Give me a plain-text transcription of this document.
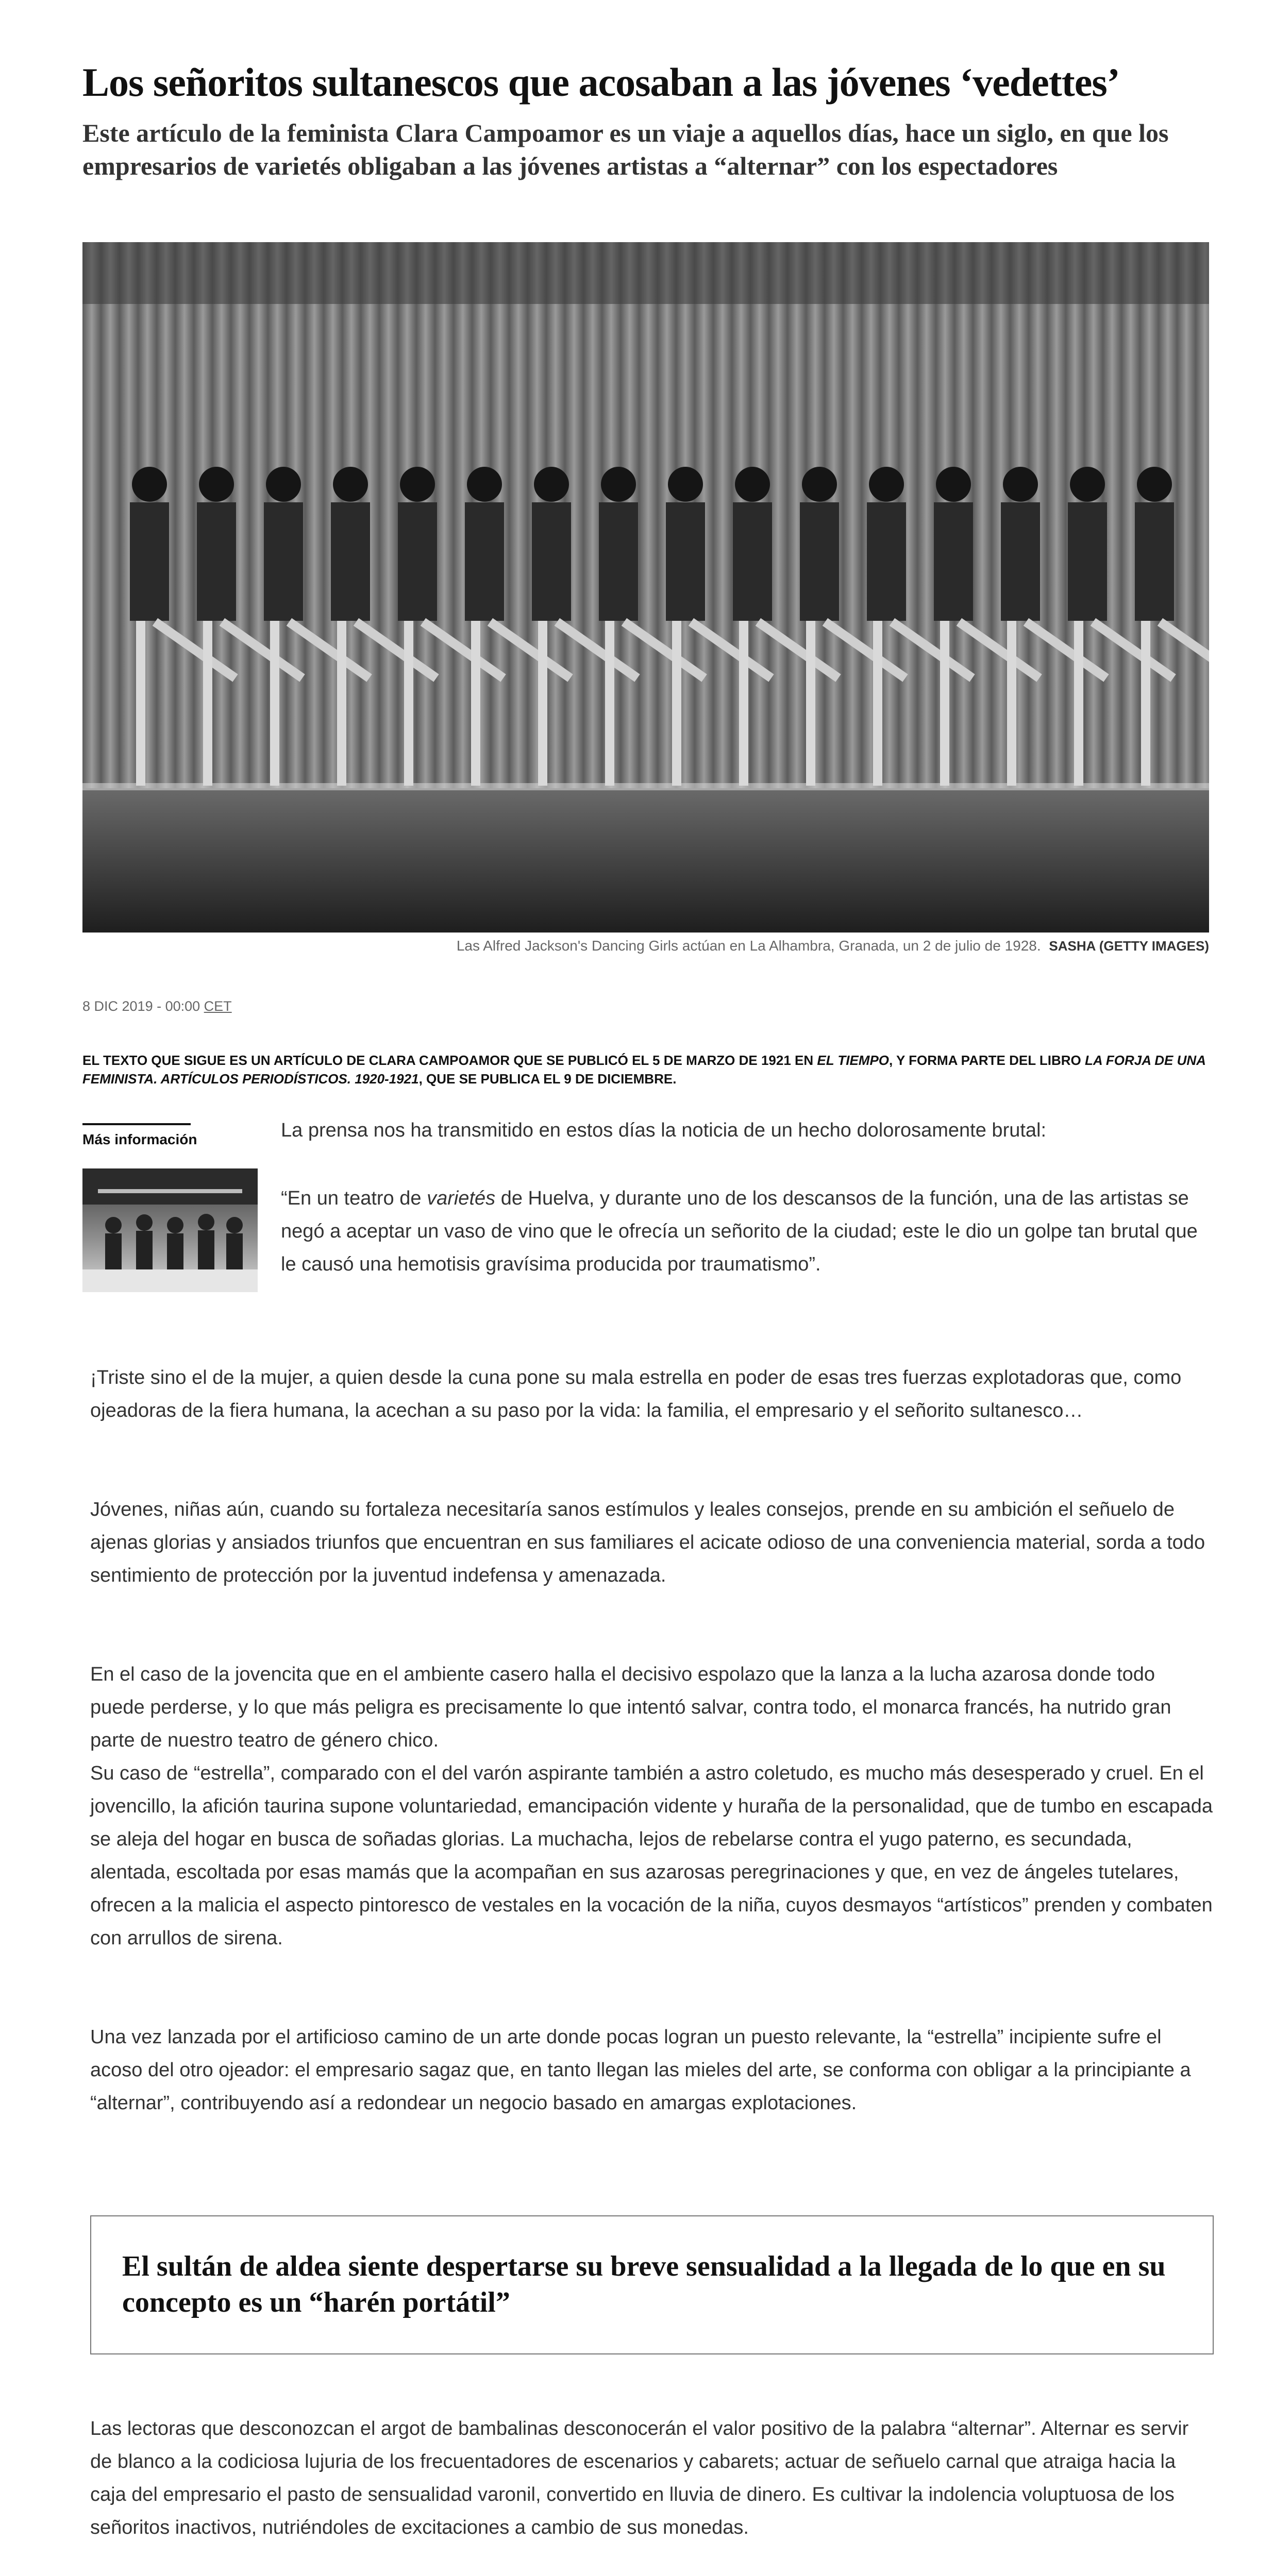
Los señoritos sultanescos que acosaban a las jóvenes ‘vedettes’
Este artículo de la feminista Clara Campoamor es un viaje a aquellos días, hace un siglo, en que los empresarios de varietés obligaban a las jóvenes artistas a “alternar” con los espectadores
Las Alfred Jackson's Dancing Girls actúan en La Alhambra, Granada, un 2 de julio de 1928. SASHA (GETTY IMAGES)
8 DIC 2019 - 00:00 CET

EL TEXTO QUE SIGUE ES UN ARTÍCULO DE CLARA CAMPOAMOR QUE SE PUBLICÓ EL 5 DE MARZO DE 1921 EN EL TIEMPO, Y FORMA PARTE DEL LIBRO LA FORJA DE UNA FEMINISTA. ARTÍCULOS PERIODÍSTICOS. 1920-1921, QUE SE PUBLICA EL 9 DE DICIEMBRE.

Más información	La prensa nos ha transmitido en estos días la noticia de un hecho dolorosamente brutal:

“En un teatro de varietés de Huelva, y durante uno de los descansos de la función, una de las artistas se negó a aceptar un vaso de vino que le ofrecía un señorito de la ciudad; este le dio un golpe tan brutal que le causó una hemotisis gravísima producida por traumatismo”.

¡Triste sino el de la mujer, a quien desde la cuna pone su mala estrella en poder de esas tres fuerzas explotadoras que, como ojeadoras de la fiera humana, la acechan a su paso por la vida: la familia, el empresario y el señorito sultanesco…

Jóvenes, niñas aún, cuando su fortaleza necesitaría sanos estímulos y leales consejos, prende en su ambición el señuelo de ajenas glorias y ansiados triunfos que encuentran en sus familiares el acicate odioso de una conveniencia material, sorda a todo sentimiento de protección por la juventud indefensa y amenazada.

En el caso de la jovencita que en el ambiente casero halla el decisivo espolazo que la lanza a la lucha azarosa donde todo puede perderse, y lo que más peligra es precisamente lo que intentó salvar, contra todo, el monarca francés, ha nutrido gran parte de nuestro teatro de género chico.

Su caso de “estrella”, comparado con el del varón aspirante también a astro coletudo, es mucho más desesperado y cruel. En el jovencillo, la afición taurina supone voluntariedad, emancipación vidente y huraña de la personalidad, que de tumbo en escapada se aleja del hogar en busca de soñadas glorias. La muchacha, lejos de rebelarse contra el yugo paterno, es secundada, alentada, escoltada por esas mamás que la acompañan en sus azarosas peregrinaciones y que, en vez de ángeles tutelares, ofrecen a la malicia el aspecto pintoresco de vestales en la vocación de la niña, cuyos desmayos “artísticos” prenden y combaten con arrullos de sirena.

Una vez lanzada por el artificioso camino de un arte donde pocas logran un puesto relevante, la “estrella” incipiente sufre el acoso del otro ojeador: el empresario sagaz que, en tanto llegan las mieles del arte, se conforma con obligar a la principiante a “alternar”, contribuyendo así a redondear un negocio basado en amargas explotaciones.

El sultán de aldea siente despertarse su breve sensualidad a la llegada de lo que en su concepto es un “harén portátil”

Las lectoras que desconozcan el argot de bambalinas desconocerán el valor positivo de la palabra “alternar”. Alternar es servir de blanco a la codiciosa lujuria de los frecuentadores de escenarios y cabarets; actuar de señuelo carnal que atraiga hacia la caja del empresario el pasto de sensualidad varonil, convertido en lluvia de dinero. Es cultivar la indolencia voluptuosa de los señoritos inactivos, nutriéndoles de excitaciones a cambio de sus monedas.
